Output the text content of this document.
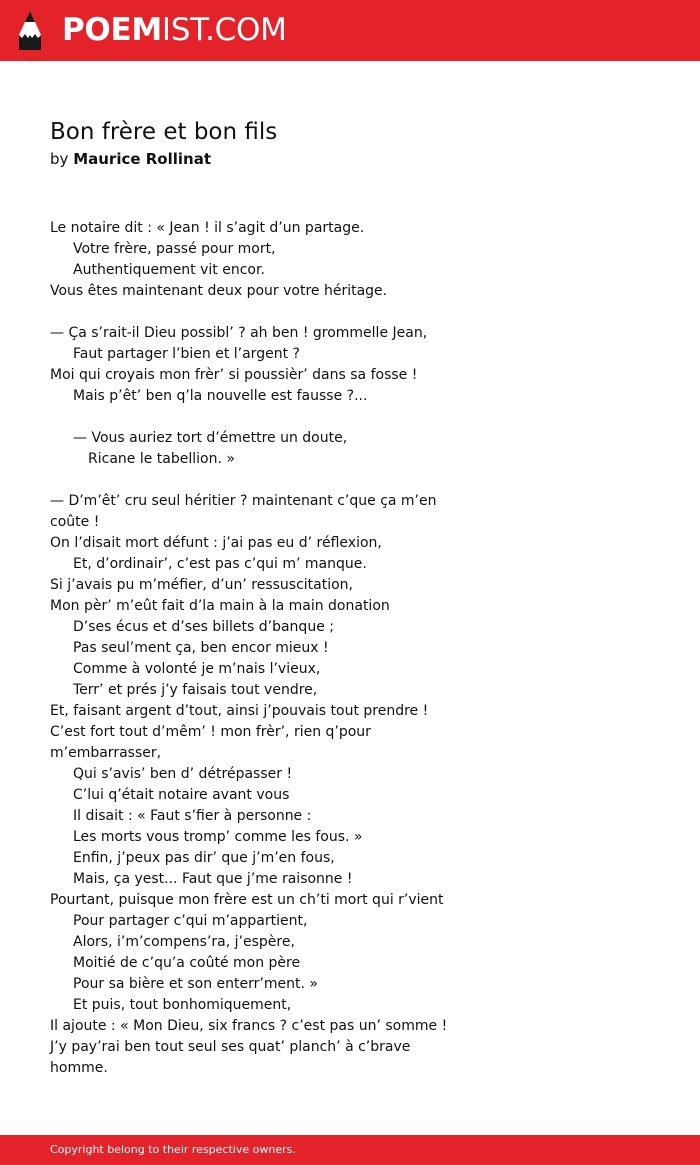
POEMIST.COM
Bon frère et bon fils
by Maurice Rollinat
Le notaire dit : « Jean ! il s’agit d’un partage.
Votre frère, passé pour mort,
Authentiquement vit encor.
Vous êtes maintenant deux pour votre héritage.
— Ça s’rait-il Dieu possibl’ ? ah ben ! grommelle Jean,
Faut partager l’bien et l’argent ?
Moi qui croyais mon frèr’ si poussièr’ dans sa fosse !
Mais p’êt’ ben q’la nouvelle est fausse ?...
— Vous auriez tort d’émettre un doute,
Ricane le tabellion. »
— D’m’êt’ cru seul héritier ? maintenant c’que ça m’en coûte !
On l’disait mort défunt : j’ai pas eu d’ réflexion,
Et, d’ordinair’, c’est pas c’qui m’ manque.
Si j’avais pu m’méfier, d’un’ ressuscitation,
Mon pèr’ m’eût fait d’la main à la main donation
D’ses écus et d’ses billets d’banque ;
Pas seul’ment ça, ben encor mieux !
Comme à volonté je m’nais l’vieux,
Terr’ et prés j’y faisais tout vendre,
Et, faisant argent d’tout, ainsi j’pouvais tout prendre !
C’est fort tout d’mêm’ ! mon frèr’, rien q’pour m’embarrasser,
Qui s’avis’ ben d’ détrépasser !
C’lui q’était notaire avant vous
Il disait : « Faut s’fier à personne :
Les morts vous tromp’ comme les fous. »
Enfin, j’peux pas dir’ que j’m’en fous,
Mais, ça yest... Faut que j’me raisonne !
Pourtant, puisque mon frère est un ch’ti mort qui r’vient
Pour partager c’qui m’appartient,
Alors, i’m’compens’ra, j’espère,
Moitié de c’qu’a coûté mon père
Pour sa bière et son enterr’ment. »
Et puis, tout bonhomiquement,
Il ajoute : « Mon Dieu, six francs ? c’est pas un’ somme !
J’y pay’rai ben tout seul ses quat’ planch’ à c’brave homme.
Copyright belong to their respective owners.
